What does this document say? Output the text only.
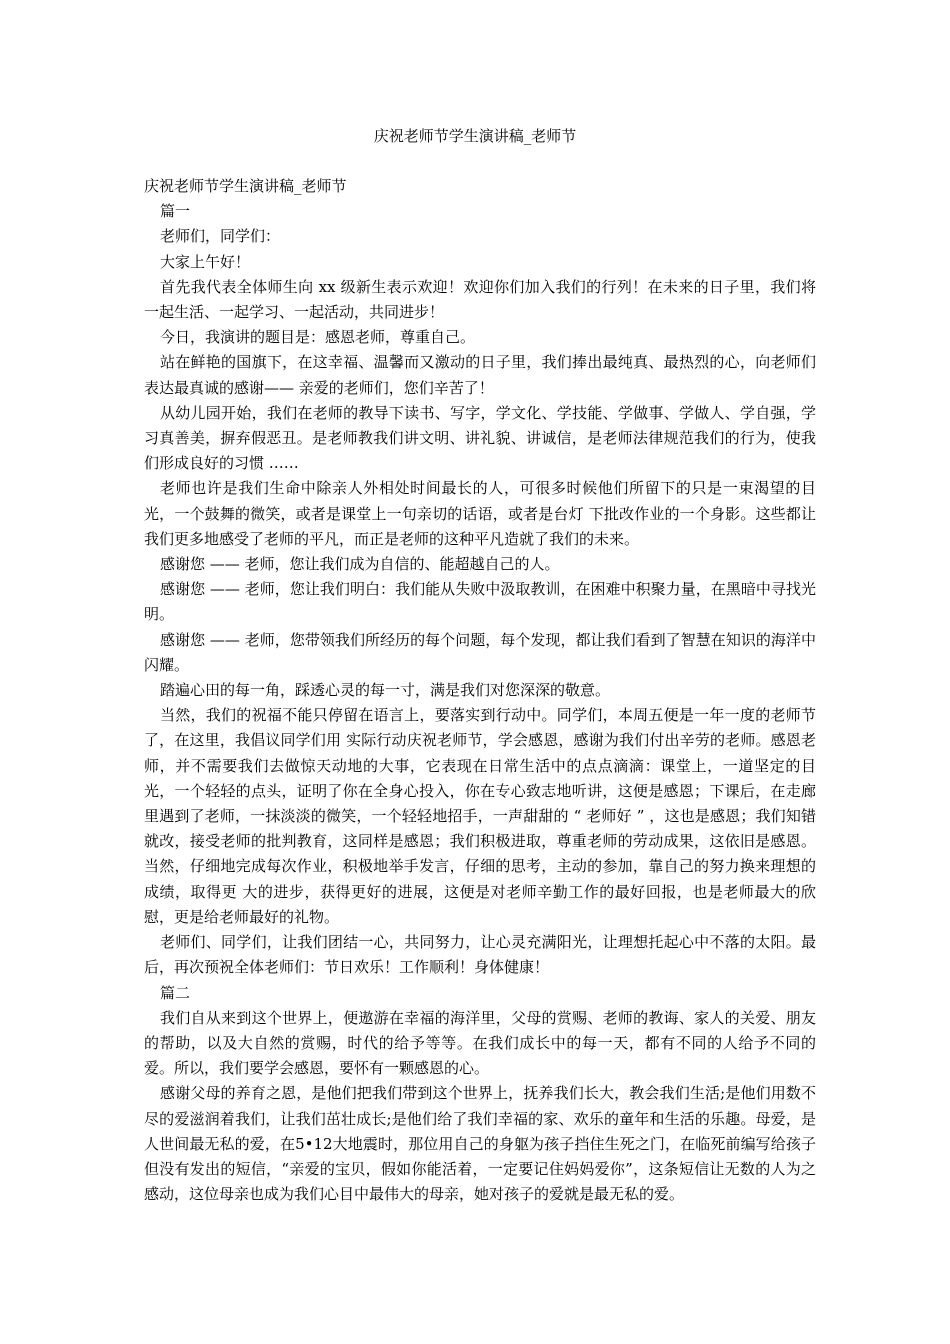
庆祝老师节学生演讲稿_老师节

庆祝老师节学生演讲稿_老师节

篇一

老师们，同学们：

大家上午好！

首先我代表全体师生向 xx 级新生表示欢迎！欢迎你们加入我们的行列！在未来的日子里，我们将一起生活、一起学习、一起活动，共同进步！

今日，我演讲的题目是：感恩老师，尊重自己。

站在鲜艳的国旗下，在这幸福、温馨而又激动的日子里，我们捧出最纯真、最热烈的心，向老师们表达最真诚的感谢—— 亲爱的老师们，您们辛苦了！

从幼儿园开始，我们在老师的教导下读书、写字，学文化、学技能、学做事、学做人、学自强，学习真善美，摒弃假恶丑。是老师教我们讲文明、讲礼貌、讲诚信，是老师法律规范我们的行为，使我们形成良好的习惯 ……

老师也许是我们生命中除亲人外相处时间最长的人，可很多时候他们所留下的只是一束渴望的目光，一个鼓舞的微笑，或者是课堂上一句亲切的话语，或者是台灯 下批改作业的一个身影。这些都让我们更多地感受了老师的平凡，而正是老师的这种平凡造就了我们的未来。

感谢您 —— 老师，您让我们成为自信的、能超越自己的人。

感谢您 —— 老师，您让我们明白：我们能从失败中汲取教训，在困难中积聚力量，在黑暗中寻找光明。

感谢您 —— 老师，您带领我们所经历的每个问题，每个发现，都让我们看到了智慧在知识的海洋中闪耀。

踏遍心田的每一角，踩透心灵的每一寸，满是我们对您深深的敬意。

当然，我们的祝福不能只停留在语言上，要落实到行动中。同学们，本周五便是一年一度的老师节了，在这里，我倡议同学们用 实际行动庆祝老师节，学会感恩，感谢为我们付出辛劳的老师。感恩老师，并不需要我们去做惊天动地的大事，它表现在日常生活中的点点滴滴：课堂上，一道坚定的目光，一个轻轻的点头，证明了你在全身心投入，你在专心致志地听讲，这便是感恩；下课后，在走廊里遇到了老师，一抹淡淡的微笑，一个轻轻地招手，一声甜甜的 “ 老师好 ” ，这也是感恩；我们知错就改，接受老师的批判教育，这同样是感恩；我们积极进取，尊重老师的劳动成果，这依旧是感恩。当然，仔细地完成每次作业，积极地举手发言，仔细的思考，主动的参加，靠自己的努力换来理想的成绩，取得更 大的进步，获得更好的进展，这便是对老师辛勤工作的最好回报，也是老师最大的欣慰，更是给老师最好的礼物。

老师们、同学们，让我们团结一心，共同努力，让心灵充满阳光，让理想托起心中不落的太阳。最后，再次预祝全体老师们：节日欢乐！工作顺利！身体健康！

篇二

我们自从来到这个世界上，便遨游在幸福的海洋里，父母的赏赐、老师的教诲、家人的关爱、朋友的帮助，以及大自然的赏赐，时代的给予等等。在我们成长中的每一天，都有不同的人给予不同的爱。所以，我们要学会感恩，要怀有一颗感恩的心。

感谢父母的养育之恩，是他们把我们带到这个世界上，抚养我们长大，教会我们生活;是他们用数不尽的爱滋润着我们，让我们茁壮成长;是他们给了我们幸福的家、欢乐的童年和生活的乐趣。母爱，是人世间最无私的爱，在5•12大地震时，那位用自己的身躯为孩子挡住生死之门，在临死前编写给孩子但没有发出的短信，“亲爱的宝贝，假如你能活着，一定要记住妈妈爱你”，这条短信让无数的人为之感动，这位母亲也成为我们心目中最伟大的母亲，她对孩子的爱就是最无私的爱。
